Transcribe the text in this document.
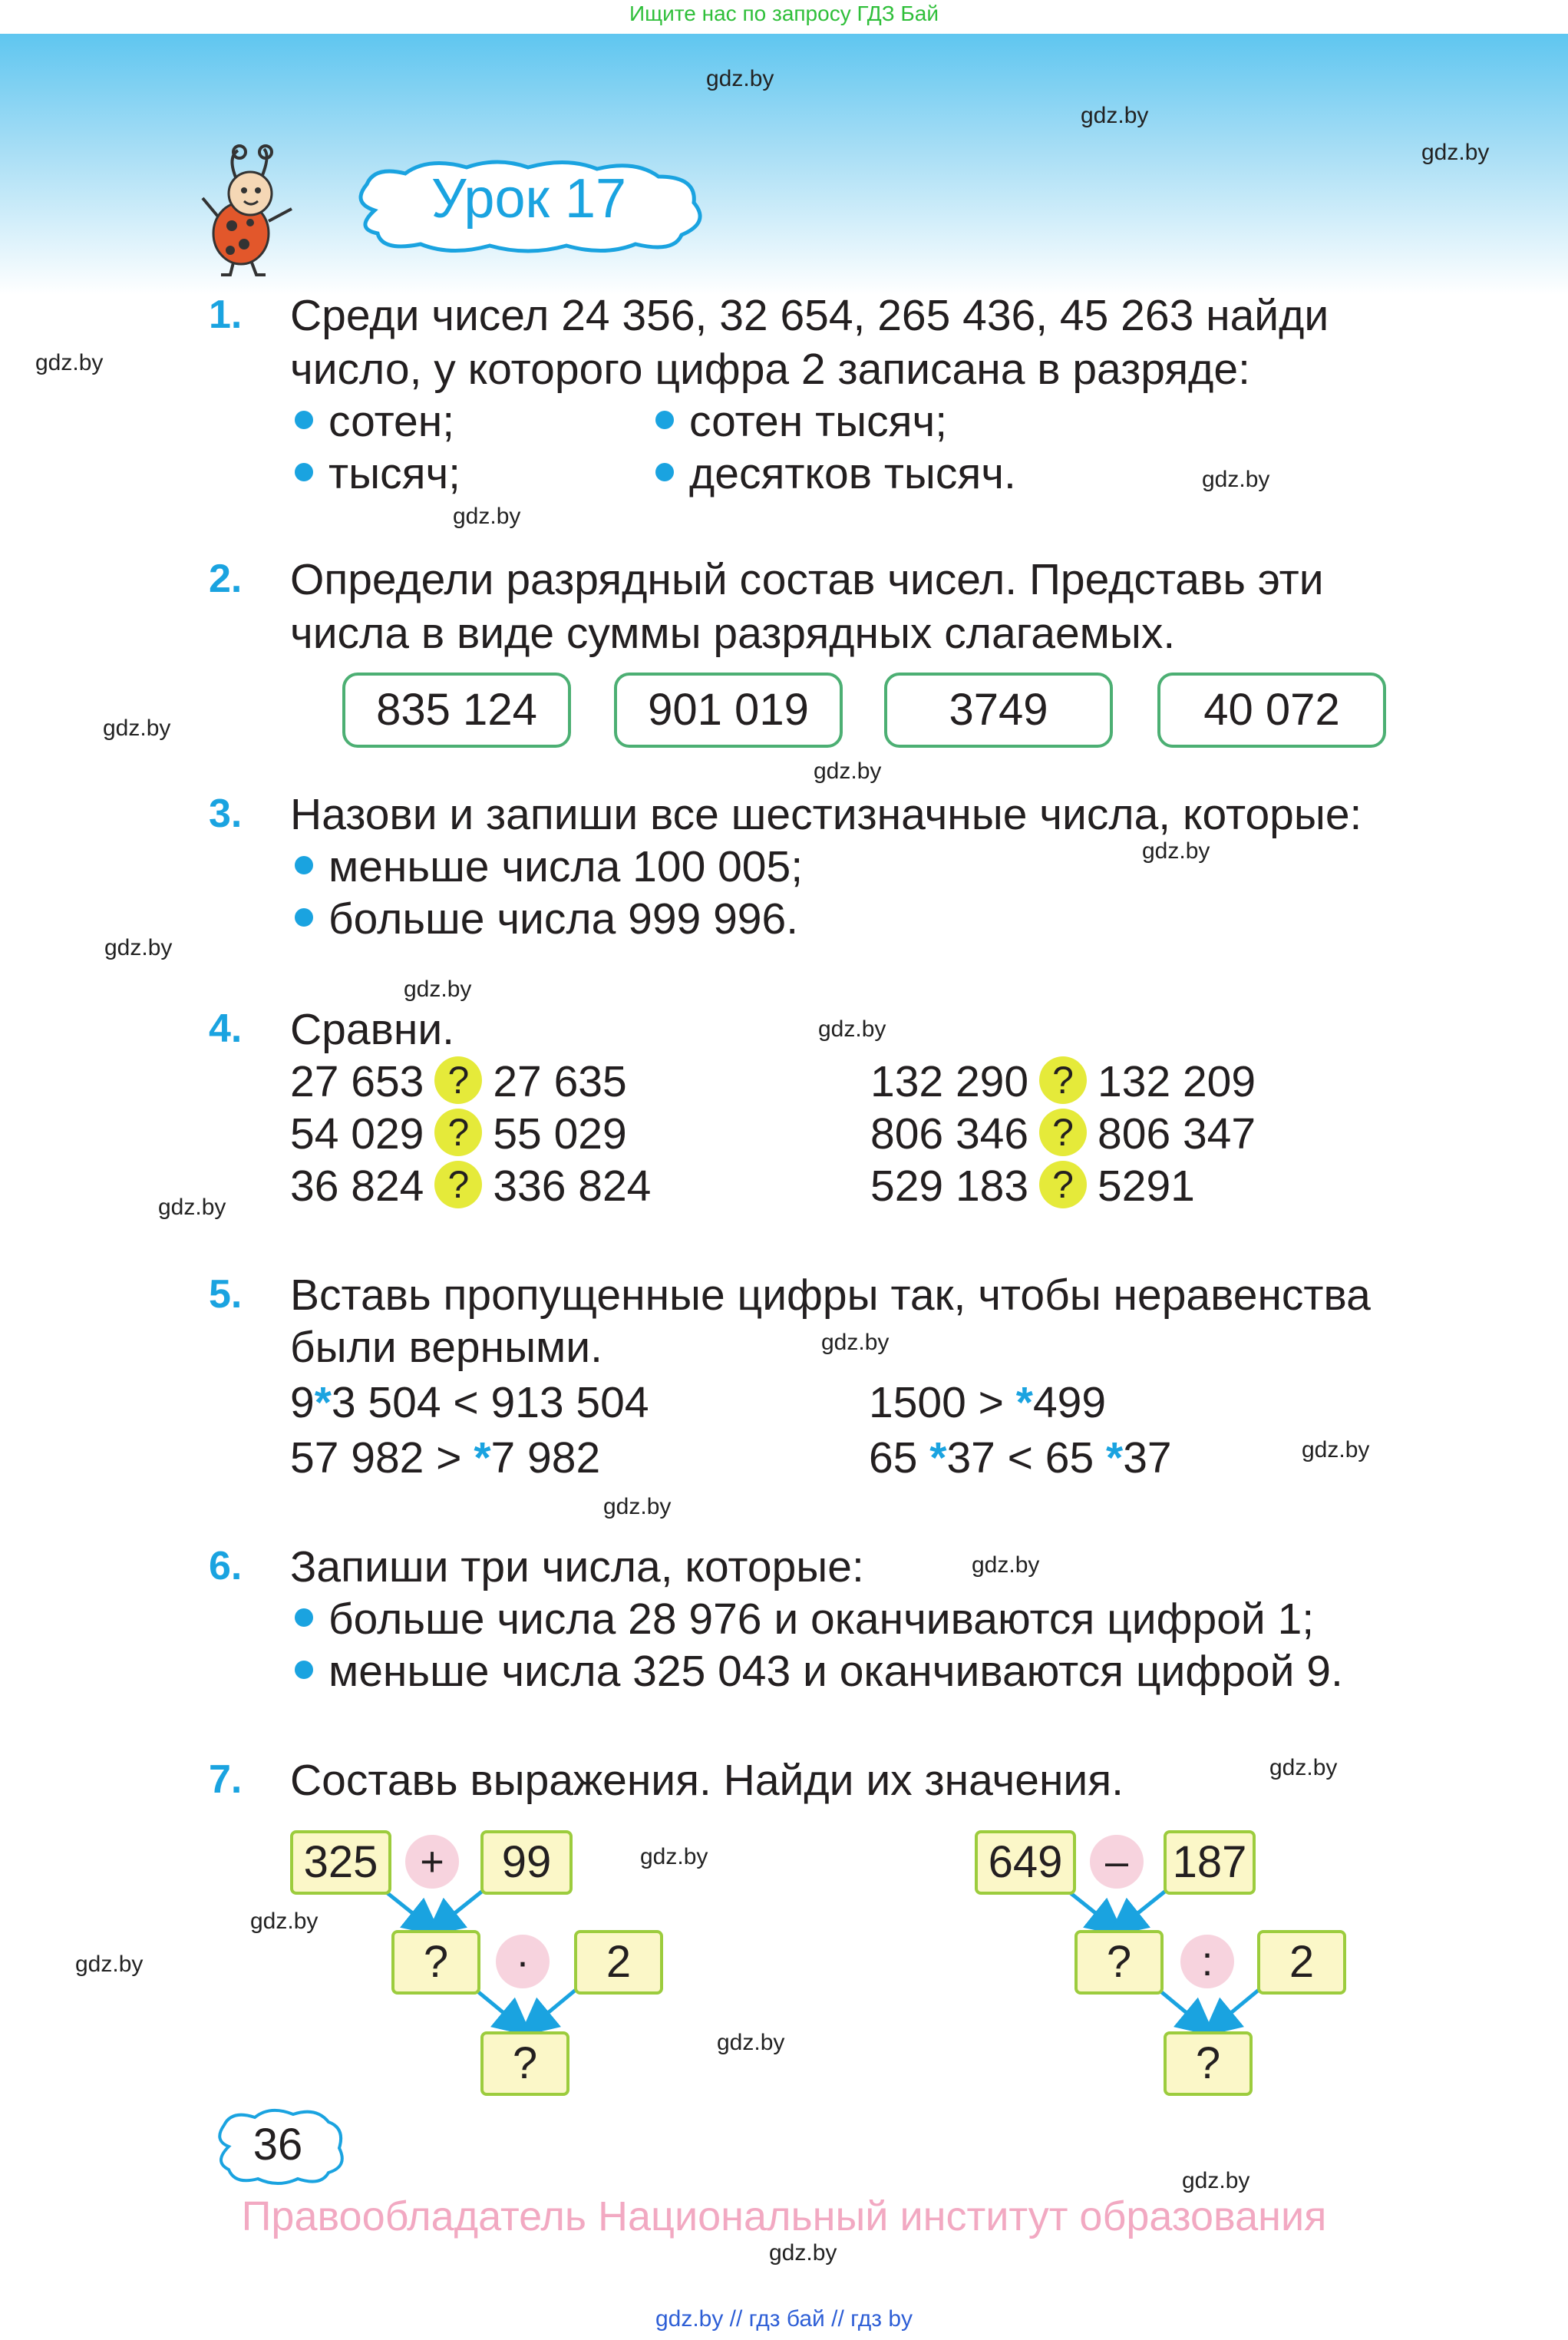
Ищите нас по запросу ГДЗ Бай
gdz.by
gdz.by
gdz.by
gdz.by
gdz.by
gdz.by
gdz.by
gdz.by
gdz.by
gdz.by
gdz.by
gdz.by
gdz.by
gdz.by
gdz.by
gdz.by
gdz.by
gdz.by
gdz.by
gdz.by
gdz.by
gdz.by
gdz.by
gdz.by
Урок 17
1. Среди чисел 24 356, 32 654, 265 436, 45 263 найди
число, у которого цифра 2 записана в разряде:
сотен;	сотен тысяч;
тысяч;	десятков тысяч.
2. Определи разрядный состав чисел. Представь эти
числа в виде суммы разрядных слагаемых.
835 124	901 019	3749	40 072
3. Назови и запиши все шестизначные числа, которые:
меньше числа 100 005;
больше числа 999 996.
4. Сравни.
27 653 ? 27 635	132 290 ? 132 209
54 029 ? 55 029	806 346 ? 806 347
36 824 ? 336 824	529 183 ? 5291
5. Вставь пропущенные цифры так, чтобы неравенства
были верными.
9*3 504 < 913 504	1500 > *499
57 982 > *7 982	65 *37 < 65 *37
6. Запиши три числа, которые:
больше числа 28 976 и оканчиваются цифрой 1;
меньше числа 325 043 и оканчиваются цифрой 9.
7. Составь выражения. Найди их значения.
325	+	99
?	·	2
?
649	– 187
?	:	2
?
36
Правообладатель Национальный институт образования
gdz.by // гдз бай // гдз by
